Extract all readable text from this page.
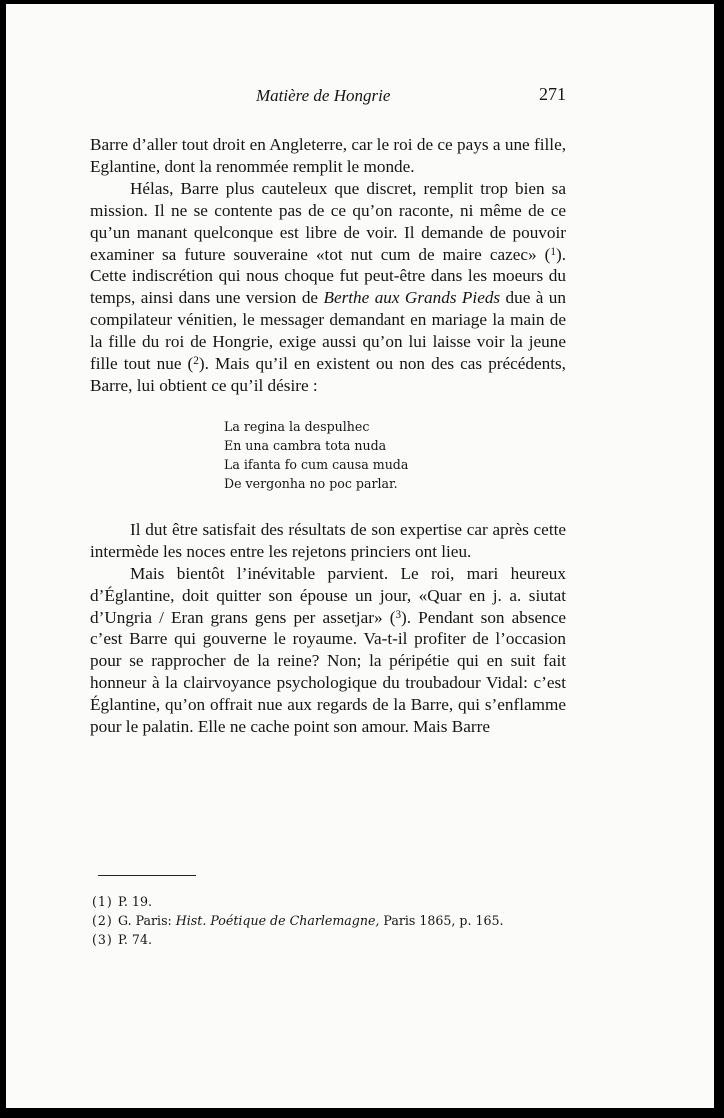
Matière de Hongrie	271

Barre d’aller tout droit en Angleterre, car le roi de ce pays a une fille, Eglantine, dont la renommée remplit le monde.

Hélas, Barre plus cauteleux que discret, remplit trop bien sa mission. Il ne se contente pas de ce qu’on raconte, ni même de ce qu’un manant quelconque est libre de voir. Il demande de pouvoir examiner sa future souveraine «tot nut cum de maire cazec» ($^1$). Cette indiscrétion qui nous choque fut peut-être dans les moeurs du temps, ainsi dans une version de Berthe aux Grands Pieds due à un compilateur vénitien, le messager demandant en mariage la main de la fille du roi de Hongrie, exige aussi qu’on lui laisse voir la jeune fille tout nue ($^2$). Mais qu’il en existent ou non des cas précédents, Barre, lui obtient ce qu’il désire :

La regina la despulhec
En una cambra tota nuda
La ifanta fo cum causa muda
De vergonha no poc parlar.

Il dut être satisfait des résultats de son expertise car après cette intermède les noces entre les rejetons princiers ont lieu.

Mais bientôt l’inévitable parvient. Le roi, mari heureux d’Églantine, doit quitter son épouse un jour, «Quar en j. a. siutat d’Ungria / Eran grans gens per assetjar» ($^3$). Pendant son absence c’est Barre qui gouverne le royaume. Va-t-il profiter de l’occasion pour se rapprocher de la reine? Non; la péripétie qui en suit fait honneur à la clairvoyance psychologique du troubadour Vidal: c’est Églantine, qu’on offrait nue aux regards de la Barre, qui s’enflamme pour le palatin. Elle ne cache point son amour. Mais Barre

(1) P. 19.
(2) G. Paris: Hist. Poétique de Charlemagne, Paris 1865, p. 165.
(3) P. 74.
